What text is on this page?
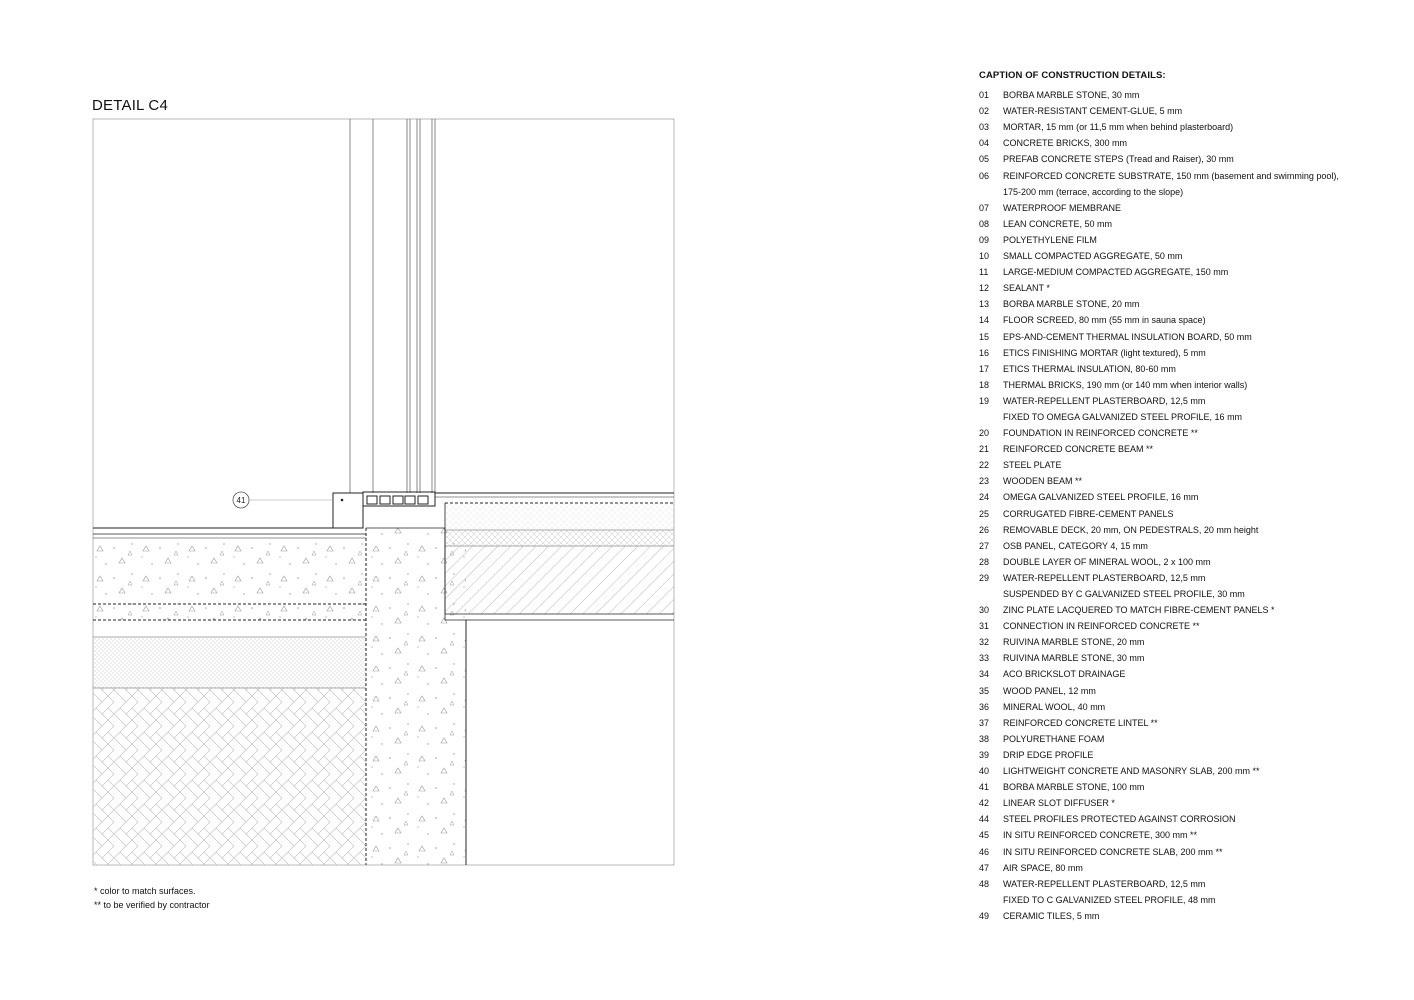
DETAIL C4
41
* color to match surfaces.
** to be verified by contractor
CAPTION OF CONSTRUCTION DETAILS:
01	BORBA MARBLE STONE, 30 mm
02	WATER-RESISTANT CEMENT-GLUE, 5 mm
03	MORTAR, 15 mm (or 11,5 mm when behind plasterboard)
04	CONCRETE BRICKS, 300 mm
05	PREFAB CONCRETE STEPS (Tread and Raiser), 30 mm
06	REINFORCED CONCRETE SUBSTRATE, 150 mm (basement and swimming pool),
175-200 mm (terrace, according to the slope)
07	WATERPROOF MEMBRANE
08	LEAN CONCRETE, 50 mm
09	POLYETHYLENE FILM
10	SMALL COMPACTED AGGREGATE, 50 mm
11	LARGE-MEDIUM COMPACTED AGGREGATE, 150 mm
12	SEALANT *
13	BORBA MARBLE STONE, 20 mm
14	FLOOR SCREED, 80 mm (55 mm in sauna space)
15	EPS-AND-CEMENT THERMAL INSULATION BOARD, 50 mm
16	ETICS FINISHING MORTAR (light textured), 5 mm
17	ETICS THERMAL INSULATION, 80-60 mm
18	THERMAL BRICKS, 190 mm (or 140 mm when interior walls)
19	WATER-REPELLENT PLASTERBOARD, 12,5 mm
FIXED TO OMEGA GALVANIZED STEEL PROFILE, 16 mm
20	FOUNDATION IN REINFORCED CONCRETE **
21	REINFORCED CONCRETE BEAM **
22	STEEL PLATE
23	WOODEN BEAM **
24	OMEGA GALVANIZED STEEL PROFILE, 16 mm
25	CORRUGATED FIBRE-CEMENT PANELS
26	REMOVABLE DECK, 20 mm, ON PEDESTRALS, 20 mm height
27	OSB PANEL, CATEGORY 4, 15 mm
28	DOUBLE LAYER OF MINERAL WOOL, 2 x 100 mm
29	WATER-REPELLENT PLASTERBOARD, 12,5 mm
SUSPENDED BY C GALVANIZED STEEL PROFILE, 30 mm
30	ZINC PLATE LACQUERED TO MATCH FIBRE-CEMENT PANELS *
31	CONNECTION IN REINFORCED CONCRETE **
32	RUIVINA MARBLE STONE, 20 mm
33	RUIVINA MARBLE STONE, 30 mm
34	ACO BRICKSLOT DRAINAGE
35	WOOD PANEL, 12 mm
36	MINERAL WOOL, 40 mm
37	REINFORCED CONCRETE LINTEL **
38	POLYURETHANE FOAM
39	DRIP EDGE PROFILE
40	LIGHTWEIGHT CONCRETE AND MASONRY SLAB, 200 mm **
41	BORBA MARBLE STONE, 100 mm
42	LINEAR SLOT DIFFUSER *
44	STEEL PROFILES PROTECTED AGAINST CORROSION
45	IN SITU REINFORCED CONCRETE, 300 mm **
46	IN SITU REINFORCED CONCRETE SLAB, 200 mm **
47	AIR SPACE, 80 mm
48	WATER-REPELLENT PLASTERBOARD, 12,5 mm
FIXED TO C GALVANIZED STEEL PROFILE, 48 mm
49	CERAMIC TILES, 5 mm
